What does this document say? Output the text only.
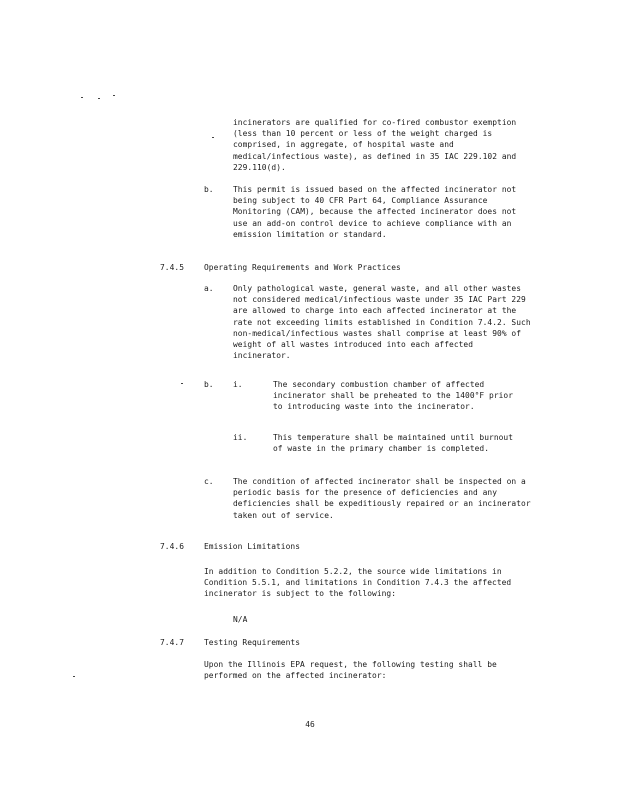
incinerators are qualified for co-fired combustor exemption (less than 10 percent or less of the weight charged is comprised, in aggregate, of hospital waste and medical/infectious waste), as defined in 35 IAC 229.102 and 229.110(d).

b. This permit is issued based on the affected incinerator not being subject to 40 CFR Part 64, Compliance Assurance Monitoring (CAM), because the affected incinerator does not use an add-on control device to achieve compliance with an emission limitation or standard.

7.4.5	Operating Requirements and Work Practices
a. Only pathological waste, general waste, and all other wastes not considered medical/infectious waste under 35 IAC Part 229 are allowed to charge into each affected incinerator at the rate not exceeding limits established in Condition 7.4.2. Such non-medical/infectious wastes shall comprise at least 90% of weight of all wastes introduced into each affected incinerator.

b. i.	The secondary combustion chamber of affected incinerator shall be preheated to the 1400°F prior to introducing waste into the incinerator.

ii.	This temperature shall be maintained until burnout of waste in the primary chamber is completed.

c. The condition of affected incinerator shall be inspected on a periodic basis for the presence of deficiencies and any deficiencies shall be expeditiously repaired or an incinerator taken out of service.

7.4.6	Emission Limitations

In addition to Condition 5.2.2, the source wide limitations in Condition 5.5.1, and limitations in Condition 7.4.3 the affected incinerator is subject to the following:

N/A
7.4.7	Testing Requirements

Upon the Illinois EPA request, the following testing shall be performed on the affected incinerator:

46
